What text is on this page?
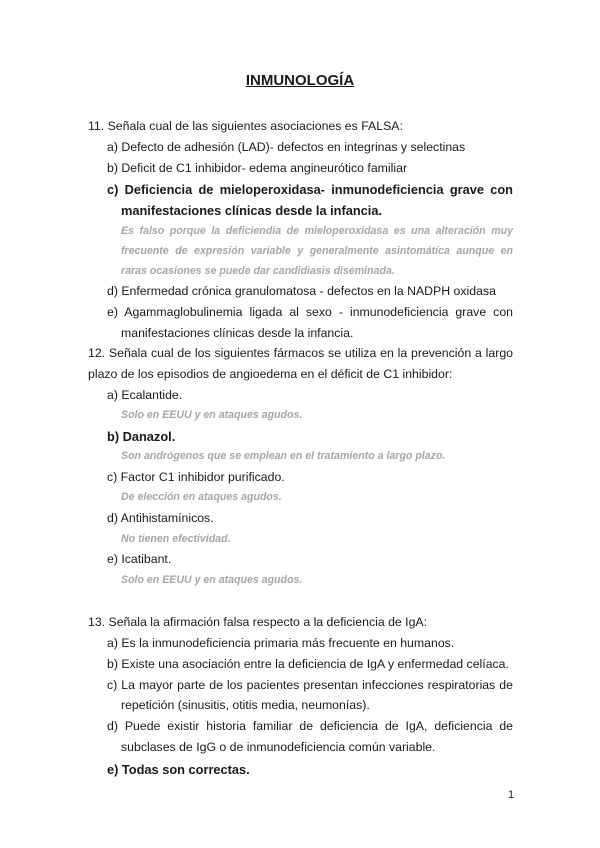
INMUNOLOGÍA
11. Señala cual de las siguientes asociaciones es FALSA:
a) Defecto de adhesión (LAD)- defectos en integrinas y selectinas
b) Deficit de C1 inhibidor- edema angineurótico familiar
c) Deficiencia de mieloperoxidasa- inmunodeficiencia grave con
manifestaciones clínicas desde la infancia.
Es falso porque la deficiendia de mieloperoxidasa es una alteración muy
frecuente de expresión variable y generalmente asintomática aunque en
raras ocasiones se puede dar candidiasis diseminada.
d) Enfermedad crónica granulomatosa - defectos en la NADPH oxidasa
e) Agammaglobulinemia ligada al sexo - inmunodeficiencia grave con
manifestaciones clínicas desde la infancia.
12. Señala cual de los siguientes fármacos se utiliza en la prevención a largo
plazo de los episodios de angioedema en el déficit de C1 inhibidor:
a) Ecalantide.
Solo en EEUU y en ataques agudos.
b) Danazol.
Son andrógenos que se emplean en el tratamiento a largo plazo.
c) Factor C1 inhibidor purificado.
De elección en ataques agudos.
d) Antihistamínicos.
No tienen efectividad.
e) Icatibant.
Solo en EEUU y en ataques agudos.
13. Señala la afirmación falsa respecto a la deficiencia de IgA:
a) Es la inmunodeficiencia primaria más frecuente en humanos.
b) Existe una asociación entre la deficiencia de IgA y enfermedad celíaca.
c) La mayor parte de los pacientes presentan infecciones respiratorias de
repetición (sinusitis, otitis media, neumonías).
d) Puede existir historia familiar de deficiencia de IgA, deficiencia de
subclases de IgG o de inmunodeficiencia común variable.
e) Todas son correctas.
1
